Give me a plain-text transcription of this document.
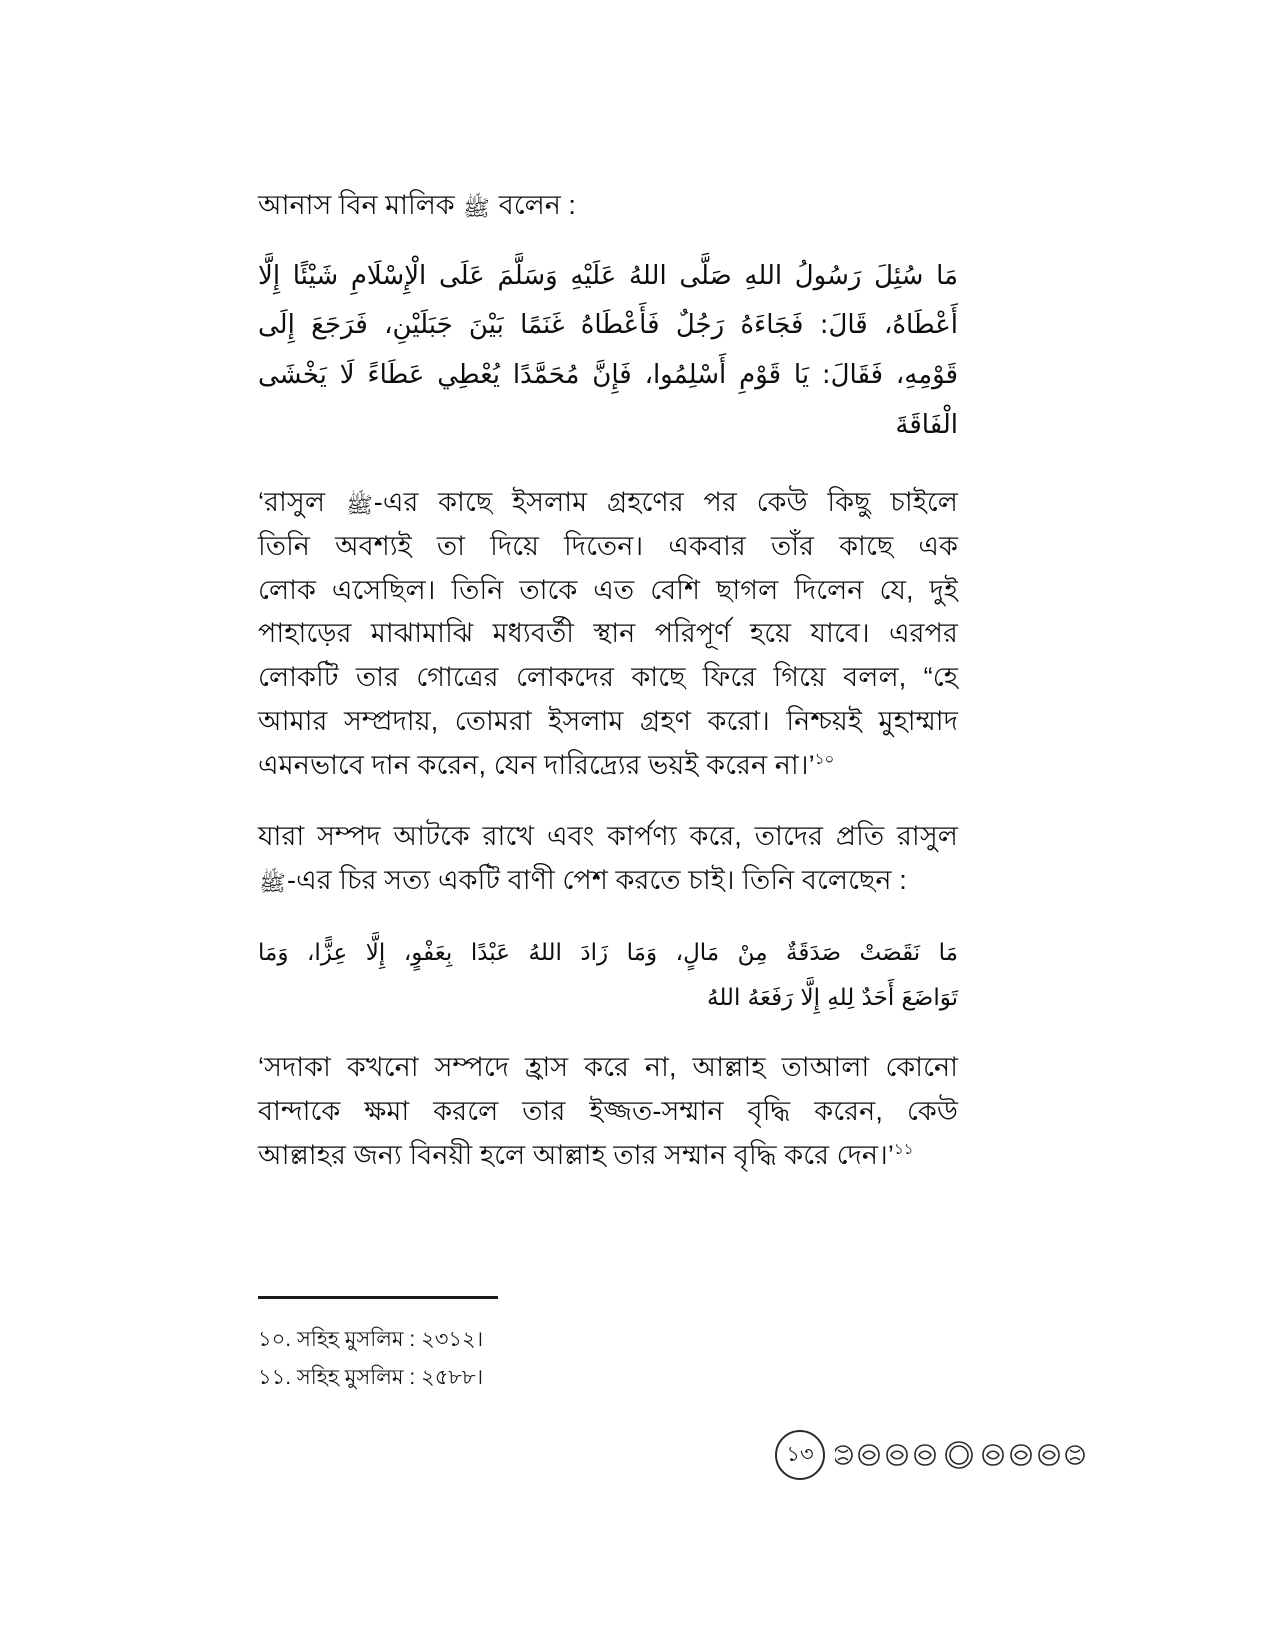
আনাস বিন মালিক ﷺ বলেন :
مَا سُئِلَ رَسُولُ اللهِ صَلَّى اللهُ عَلَيْهِ وَسَلَّمَ عَلَى الْإِسْلَامِ شَيْئًا إِلَّا
أَعْطَاهُ، قَالَ: فَجَاءَهُ رَجُلٌ فَأَعْطَاهُ غَنَمًا بَيْنَ جَبَلَيْنِ، فَرَجَعَ إِلَى
قَوْمِهِ، فَقَالَ: يَا قَوْمِ أَسْلِمُوا، فَإِنَّ مُحَمَّدًا يُعْطِي عَطَاءً لَا يَخْشَى
الْفَاقَةَ
‘রাসুল ﷺ-এর কাছে ইসলাম গ্রহণের পর কেউ কিছু চাইলে
তিনি অবশ্যই তা দিয়ে দিতেন। একবার তাঁর কাছে এক
লোক এসেছিল। তিনি তাকে এত বেশি ছাগল দিলেন যে, দুই
পাহাড়ের মাঝামাঝি মধ্যবর্তী স্থান পরিপূর্ণ হয়ে যাবে। এরপর
লোকটি তার গোত্রের লোকদের কাছে ফিরে গিয়ে বলল, “হে
আমার সম্প্রদায়, তোমরা ইসলাম গ্রহণ করো। নিশ্চয়ই মুহাম্মাদ
এমনভাবে দান করেন, যেন দারিদ্র্যের ভয়ই করেন না।’$^{১০}$
যারা সম্পদ আটকে রাখে এবং কার্পণ্য করে, তাদের প্রতি রাসুল
ﷺ-এর চির সত্য একটি বাণী পেশ করতে চাই। তিনি বলেছেন :
مَا نَقَصَتْ صَدَقَةٌ مِنْ مَالٍ، وَمَا زَادَ اللهُ عَبْدًا بِعَفْوٍ، إِلَّا عِزًّا، وَمَا
تَوَاضَعَ أَحَدٌ لِلهِ إِلَّا رَفَعَهُ اللهُ
‘সদাকা কখনো সম্পদে হ্রাস করে না, আল্লাহ তাআলা কোনো
বান্দাকে ক্ষমা করলে তার ইজ্জত-সম্মান বৃদ্ধি করেন, কেউ
আল্লাহর জন্য বিনয়ী হলে আল্লাহ তার সম্মান বৃদ্ধি করে দেন।’$^{১১}$
১০. সহিহ মুসলিম : ২৩১২।
১১. সহিহ মুসলিম : ২৫৮৮।
১৩
